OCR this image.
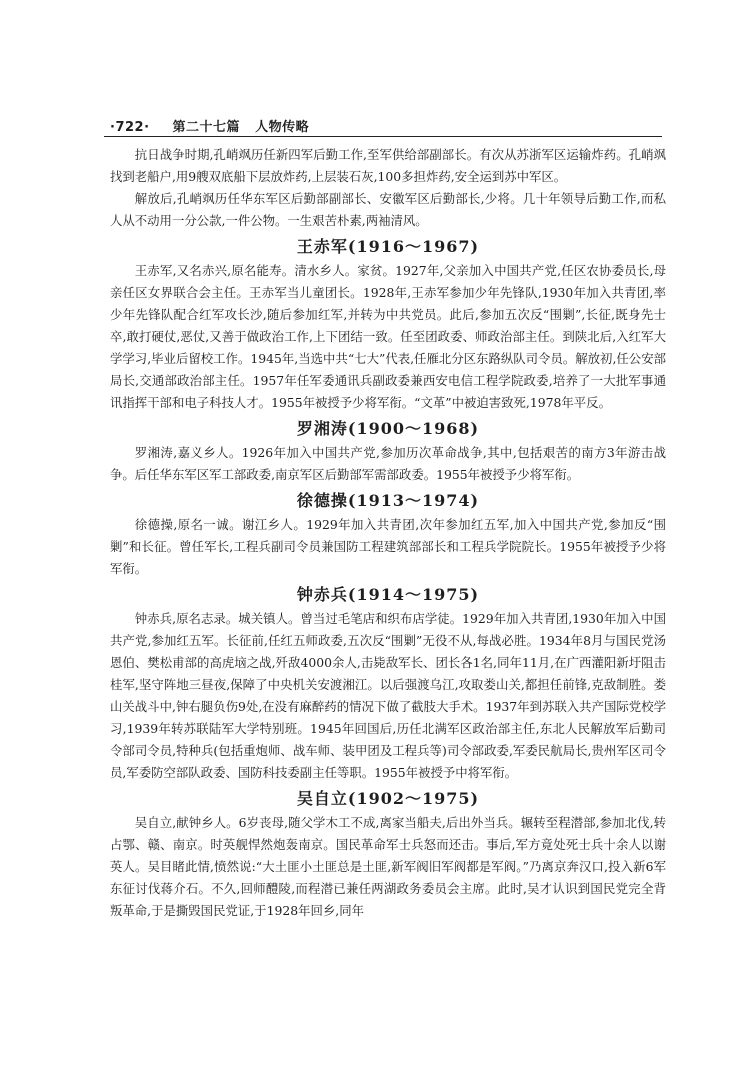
·722· 第二十七篇 人物传略

抗日战争时期,孔峭飒历任新四军后勤工作,至军供给部副部长。有次从苏浙军区运输炸药。孔峭飒找到老船户,用9艘双底船下层放炸药,上层装石灰,100多担炸药,安全运到苏中军区。

解放后,孔峭飒历任华东军区后勤部副部长、安徽军区后勤部长,少将。几十年领导后勤工作,而私人从不动用一分公款,一件公物。一生艰苦朴素,两袖清风。

王赤军(1916～1967)

王赤军,又名赤兴,原名能寿。清水乡人。家贫。1927年,父亲加入中国共产党,任区农协委员长,母亲任区女界联合会主任。王赤军当儿童团长。1928年,王赤军参加少年先锋队,1930年加入共青团,率少年先锋队配合红军攻长沙,随后参加红军,并转为中共党员。此后,参加五次反“围剿”,长征,既身先士卒,敢打硬仗,恶仗,又善于做政治工作,上下团结一致。任至团政委、师政治部主任。到陕北后,入红军大学学习,毕业后留校工作。1945年,当选中共“七大”代表,任雁北分区东路纵队司令员。解放初,任公安部局长,交通部政治部主任。1957年任军委通讯兵副政委兼西安电信工程学院政委,培养了一大批军事通讯指挥干部和电子科技人才。1955年被授予少将军衔。“文革”中被迫害致死,1978年平反。

罗湘涛(1900～1968)

罗湘涛,嘉义乡人。1926年加入中国共产党,参加历次革命战争,其中,包括艰苦的南方3年游击战争。后任华东军区军工部政委,南京军区后勤部军需部政委。1955年被授予少将军衔。

徐德操(1913～1974)

徐德操,原名一诚。谢江乡人。1929年加入共青团,次年参加红五军,加入中国共产党,参加反“围剿”和长征。曾任军长,工程兵副司令员兼国防工程建筑部部长和工程兵学院院长。1955年被授予少将军衔。

钟赤兵(1914～1975)

钟赤兵,原名志录。城关镇人。曾当过毛笔店和织布店学徒。1929年加入共青团,1930年加入中国共产党,参加红五军。长征前,任红五师政委,五次反“围剿”无役不从,每战必胜。1934年8月与国民党汤恩伯、樊松甫部的高虎垴之战,歼敌4000余人,击毙敌军长、团长各1名,同年11月,在广西灌阳新圩阻击桂军,坚守阵地三昼夜,保障了中央机关安渡湘江。以后强渡乌江,攻取娄山关,都担任前锋,克敌制胜。娄山关战斗中,钟右腿负伤9处,在没有麻醉药的情况下做了截肢大手术。1937年到苏联入共产国际党校学习,1939年转苏联陆军大学特别班。1945年回国后,历任北满军区政治部主任,东北人民解放军后勤司令部司令员,特种兵(包括重炮师、战车师、装甲团及工程兵等)司令部政委,军委民航局长,贵州军区司令员,军委防空部队政委、国防科技委副主任等职。1955年被授予中将军衔。

吴自立(1902～1975)

吴自立,献钟乡人。6岁丧母,随父学木工不成,离家当船夫,后出外当兵。辗转至程潜部,参加北伐,转占鄂、赣、南京。时英舰悍然炮轰南京。国民革命军士兵怒而还击。事后,军方竟处死士兵十余人以谢英人。吴目睹此情,愤然说:“大土匪小土匪总是土匪,新军阀旧军阀都是军阀。”乃离京奔汉口,投入新6军东征讨伐蒋介石。不久,回师醴陵,而程潜已兼任两湖政务委员会主席。此时,吴才认识到国民党完全背叛革命,于是撕毁国民党证,于1928年回乡,同年
